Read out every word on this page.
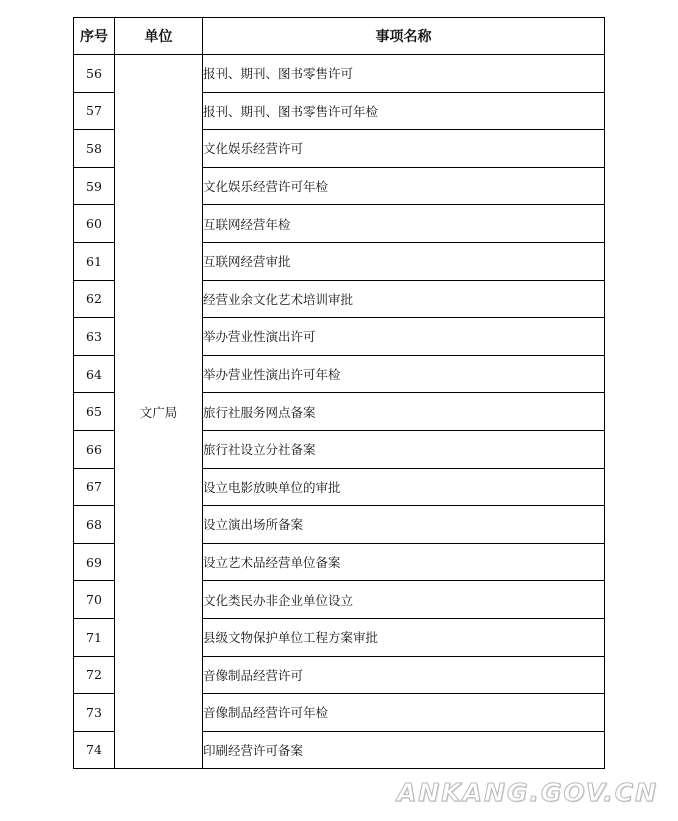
序号	单位	事项名称
56	文广局	报刊、期刊、图书零售许可
57		报刊、期刊、图书零售许可年检
58		文化娱乐经营许可
59		文化娱乐经营许可年检
60		互联网经营年检
61		互联网经营审批
62		经营业余文化艺术培训审批
63		举办营业性演出许可
64		举办营业性演出许可年检
65		旅行社服务网点备案
66		旅行社设立分社备案
67		设立电影放映单位的审批
68		设立演出场所备案
69		设立艺术品经营单位备案
70		文化类民办非企业单位设立
71		县级文物保护单位工程方案审批
72		音像制品经营许可
73		音像制品经营许可年检
74		印刷经营许可备案
ANKANG.GOV.CN
